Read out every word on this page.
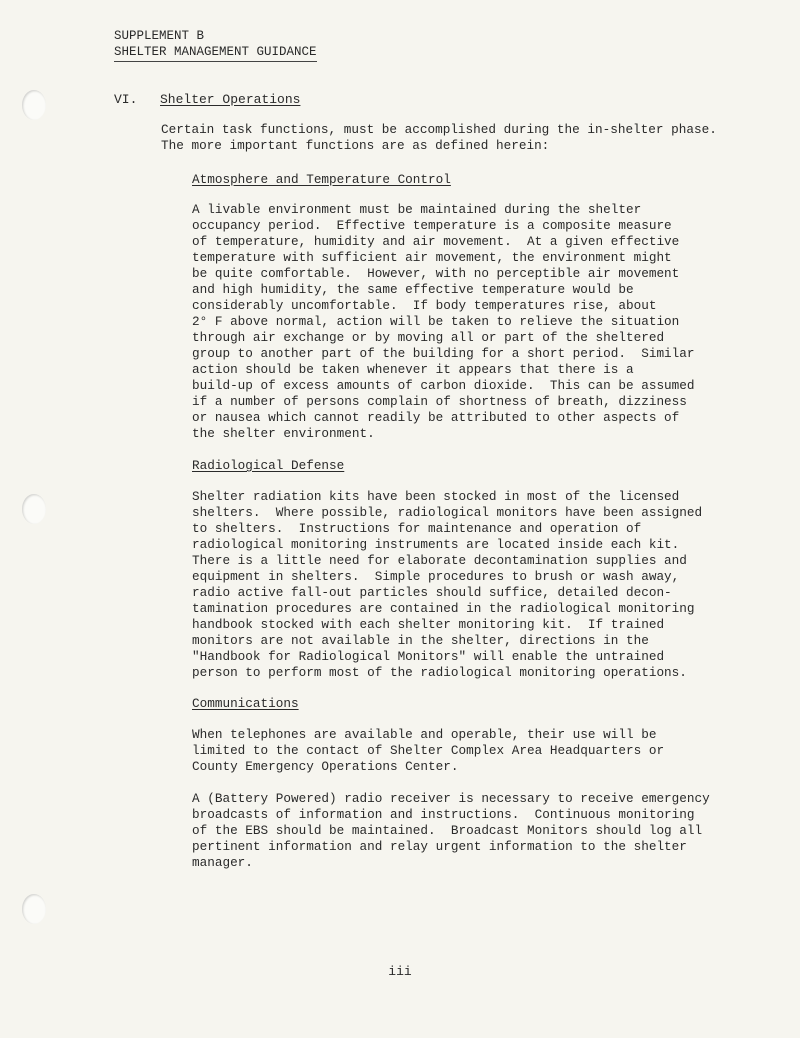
SUPPLEMENT B
SHELTER MANAGEMENT GUIDANCE
VI. Shelter Operations

Certain task functions, must be accomplished during the in-shelter phase.
The more important functions are as defined herein:

Atmosphere and Temperature Control

A livable environment must be maintained during the shelter
occupancy period.  Effective temperature is a composite measure
of temperature, humidity and air movement.  At a given effective
temperature with sufficient air movement, the environment might
be quite comfortable.  However, with no perceptible air movement
and high humidity, the same effective temperature would be
considerably uncomfortable.  If body temperatures rise, about
2° F above normal, action will be taken to relieve the situation
through air exchange or by moving all or part of the sheltered
group to another part of the building for a short period.  Similar
action should be taken whenever it appears that there is a
build-up of excess amounts of carbon dioxide.  This can be assumed
if a number of persons complain of shortness of breath, dizziness
or nausea which cannot readily be attributed to other aspects of
the shelter environment.

Radiological Defense

Shelter radiation kits have been stocked in most of the licensed
shelters.  Where possible, radiological monitors have been assigned
to shelters.  Instructions for maintenance and operation of
radiological monitoring instruments are located inside each kit.
There is a little need for elaborate decontamination supplies and
equipment in shelters.  Simple procedures to brush or wash away,
radio active fall-out particles should suffice, detailed decon-
tamination procedures are contained in the radiological monitoring
handbook stocked with each shelter monitoring kit.  If trained
monitors are not available in the shelter, directions in the
"Handbook for Radiological Monitors" will enable the untrained
person to perform most of the radiological monitoring operations.

Communications

When telephones are available and operable, their use will be
limited to the contact of Shelter Complex Area Headquarters or
County Emergency Operations Center.

A (Battery Powered) radio receiver is necessary to receive emergency
broadcasts of information and instructions.  Continuous monitoring
of the EBS should be maintained.  Broadcast Monitors should log all
pertinent information and relay urgent information to the shelter
manager.

iii
